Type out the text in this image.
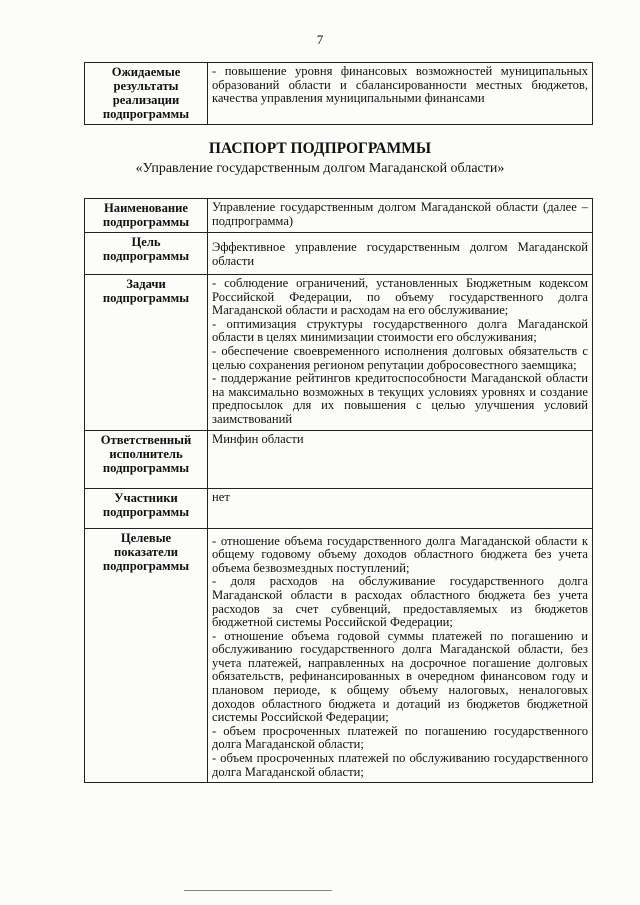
7
Ожидаемые результаты реализации подпрограммы	- повышение уровня финансовых возможностей муниципальных образований области и сбалансированности местных бюджетов, качества управления муниципальными финансами
ПАСПОРТ ПОДПРОГРАММЫ
«Управление государственным долгом Магаданской области»
Наименование подпрограммы	Управление государственным долгом Магаданской области (далее – подпрограмма)
Цель подпрограммы	Эффективное управление государственным долгом Магаданской области
Задачи подпрограммы	- соблюдение ограничений, установленных Бюджетным кодексом Российской Федерации, по объему государственного долга Магаданской области и расходам на его обслуживание;
- оптимизация структуры государственного долга Магаданской области в целях минимизации стоимости его обслуживания;
- обеспечение своевременного исполнения долговых обязательств с целью сохранения регионом репутации добросовестного заемщика;
- поддержание рейтингов кредитоспособности Магаданской области на максимально возможных в текущих условиях уровнях и создание предпосылок для их повышения с целью улучшения условий заимствований

Ответственный исполнитель подпрограммы	Минфин области
Участники подпрограммы	нет
Целевые показатели подпрограммы	- отношение объема государственного долга Магаданской области к общему годовому объему доходов областного бюджета без учета объема безвозмездных поступлений;
- доля расходов на обслуживание государственного долга Магаданской области в расходах областного бюджета без учета расходов за счет субвенций, предоставляемых из бюджетов бюджетной системы Российской Федерации;
- отношение объема годовой суммы платежей по погашению и обслуживанию государственного долга Магаданской области, без учета платежей, направленных на досрочное погашение долговых обязательств, рефинансированных в очередном финансовом году и плановом периоде, к общему объему налоговых, неналоговых доходов областного бюджета и дотаций из бюджетов бюджетной системы Российской Федерации;
- объем просроченных платежей по погашению государственного долга Магаданской области;
- объем просроченных платежей по обслуживанию государственного долга Магаданской области;
